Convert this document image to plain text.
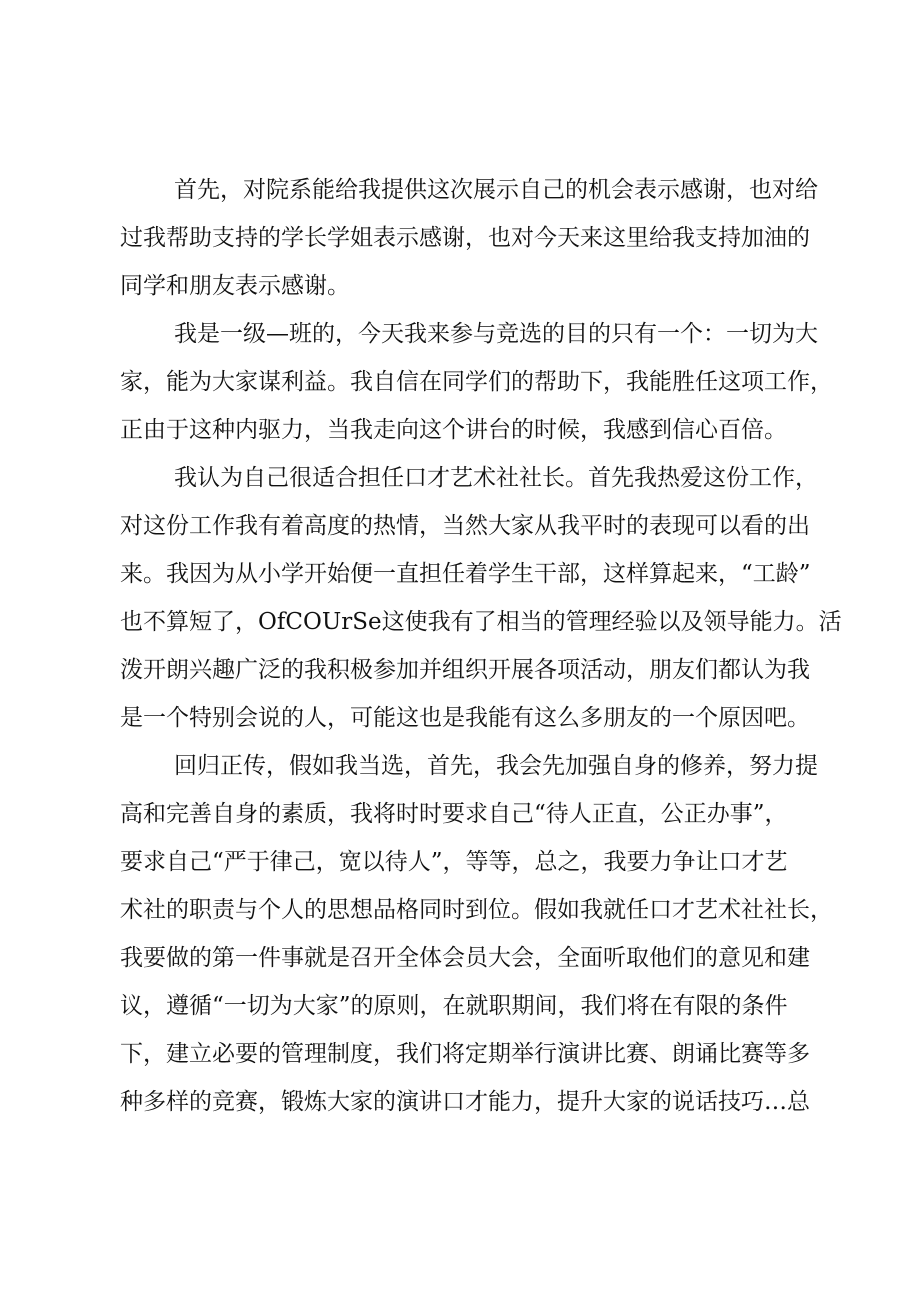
首先，对院系能给我提供这次展示自己的机会表示感谢，也对给
过我帮助支持的学长学姐表示感谢，也对今天来这里给我支持加油的
同学和朋友表示感谢。
我是一级—班的，今天我来参与竞选的目的只有一个：一切为大
家，能为大家谋利益。我自信在同学们的帮助下，我能胜任这项工作，
正由于这种内驱力，当我走向这个讲台的时候，我感到信心百倍。
我认为自己很适合担任口才艺术社社长。首先我热爱这份工作，
对这份工作我有着高度的热情，当然大家从我平时的表现可以看的出
来。我因为从小学开始便一直担任着学生干部，这样算起来，“工龄”
也不算短了，OfCOUrSe这使我有了相当的管理经验以及领导能力。活
泼开朗兴趣广泛的我积极参加并组织开展各项活动，朋友们都认为我
是一个特别会说的人，可能这也是我能有这么多朋友的一个原因吧。
回归正传，假如我当选，首先，我会先加强自身的修养，努力提
高和完善自身的素质，我将时时要求自己“待人正直，公正办事”，
要求自己“严于律己，宽以待人”，等等，总之，我要力争让口才艺
术社的职责与个人的思想品格同时到位。假如我就任口才艺术社社长，
我要做的第一件事就是召开全体会员大会，全面听取他们的意见和建
议，遵循“一切为大家”的原则，在就职期间，我们将在有限的条件
下，建立必要的管理制度，我们将定期举行演讲比赛、朗诵比赛等多
种多样的竞赛，锻炼大家的演讲口才能力，提升大家的说话技巧…总
